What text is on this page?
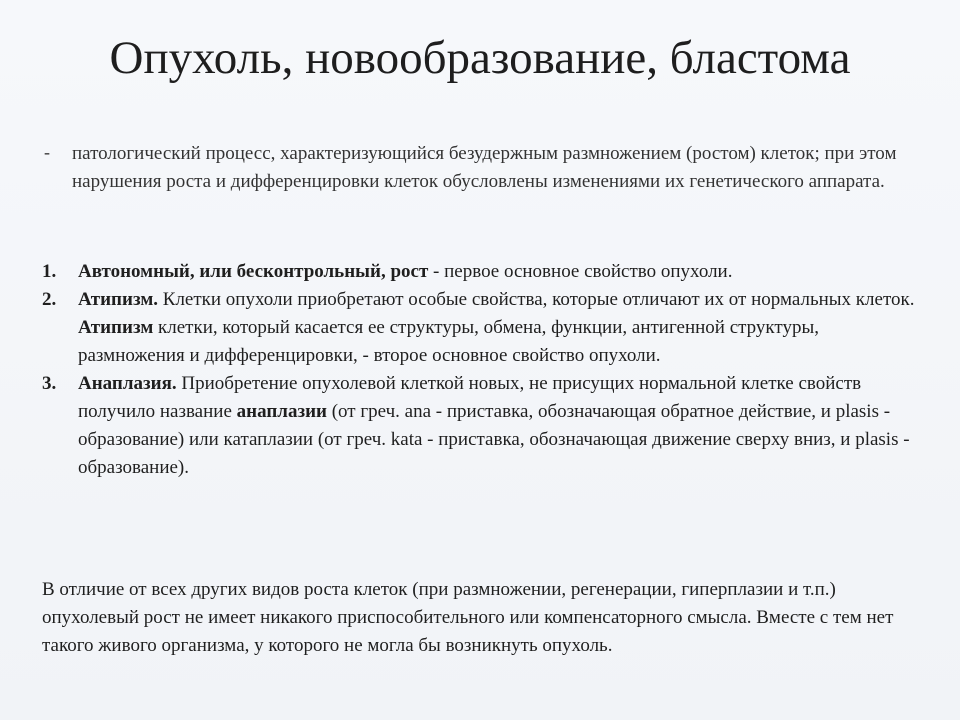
Опухоль, новообразование, бластома
- патологический процесс, характеризующийся безудержным размножением (ростом) клеток; при этом нарушения роста и дифференцировки клеток обусловлены изменениями их генетического аппарата.
1. Автономный, или бесконтрольный, рост - первое основное свойство опухоли.
2. Атипизм. Клетки опухоли приобретают особые свойства, которые отличают их от нормальных клеток. Атипизм клетки, который касается ее структуры, обмена, функции, антигенной структуры, размножения и дифференцировки, - второе основное свойство опухоли.
3. Анаплазия. Приобретение опухолевой клеткой новых, не присущих нормальной клетке свойств получило название анаплазии (от греч. ana - приставка, обозначающая обратное действие, и plasis - образование) или катаплазии (от греч. kata - приставка, обозначающая движение сверху вниз, и plasis - образование).
В отличие от всех других видов роста клеток (при размножении, регенерации, гиперплазии и т.п.) опухолевый рост не имеет никакого приспособительного или компенсаторного смысла. Вместе с тем нет такого живого организма, у которого не могла бы возникнуть опухоль.
